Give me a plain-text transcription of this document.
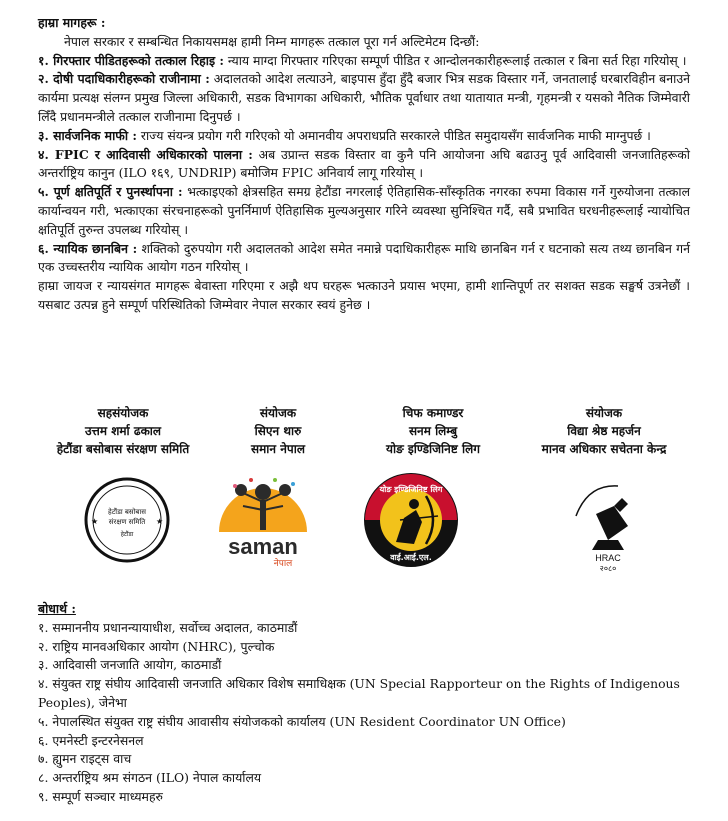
हाम्रा मागहरू :

नेपाल सरकार र सम्बन्धित निकायसमक्ष हामी निम्न मागहरू तत्काल पूरा गर्न अल्टिमेटम दिन्छौं:

१. गिरफ्तार पीडितहरूको तत्काल रिहाइ : न्याय माग्दा गिरफ्तार गरिएका सम्पूर्ण पीडित र आन्दोलनकारीहरूलाई तत्काल र बिना सर्त रिहा गरियोस् ।

२. दोषी पदाधिकारीहरूको राजीनामा : अदालतको आदेश लत्याउने, बाइपास हुँदा हुँदै बजार भित्र सडक विस्तार गर्ने, जनतालाई घरबारविहीन बनाउने कार्यमा प्रत्यक्ष संलग्न प्रमुख जिल्ला अधिकारी, सडक विभागका अधिकारी, भौतिक पूर्वाधार तथा यातायात मन्त्री, गृहमन्त्री र यसको नैतिक जिम्मेवारी लिँदै प्रधानमन्त्रीले तत्काल राजीनामा दिनुपर्छ ।

३. सार्वजनिक माफी : राज्य संयन्त्र प्रयोग गरी गरिएको यो अमानवीय अपराधप्रति सरकारले पीडित समुदायसँग सार्वजनिक माफी माग्नुपर्छ ।

४. FPIC र आदिवासी अधिकारको पालना : अब उप्रान्त सडक विस्तार वा कुनै पनि आयोजना अघि बढाउनु पूर्व आदिवासी जनजातिहरूको अन्तर्राष्ट्रिय कानुन (ILO १६९, UNDRIP) बमोजिम FPIC अनिवार्य लागू गरियोस् ।

५. पूर्ण क्षतिपूर्ति र पुनर्स्थापना : भत्काइएको क्षेत्रसहित समग्र हेटौंडा नगरलाई ऐतिहासिक-साँस्कृतिक नगरका रुपमा विकास गर्ने गुरुयोजना तत्काल कार्यान्वयन गरी, भत्काएका संरचनाहरूको पुनर्निमार्ण ऐतिहासिक मुल्यअनुसार गरिने व्यवस्था सुनिश्चित गर्दै, सबै प्रभावित घरधनीहरूलाई न्यायोचित क्षतिपूर्ति तुरुन्त उपलब्ध गरियोस् ।

६. न्यायिक छानबिन : शक्तिको दुरुपयोग गरी अदालतको आदेश समेत नमान्ने पदाधिकारीहरू माथि छानबिन गर्न र घटनाको सत्य तथ्य छानबिन गर्न एक उच्चस्तरीय न्यायिक आयोग गठन गरियोस् ।

हाम्रा जायज र न्यायसंगत मागहरू बेवास्ता गरिएमा र अझै थप घरहरू भत्काउने प्रयास भएमा, हामी शान्तिपूर्ण तर सशक्त सडक सङ्घर्ष उत्रनेछौं । यसबाट उत्पन्न हुने सम्पूर्ण परिस्थितिको जिम्मेवार नेपाल सरकार स्वयं हुनेछ ।

सहसंयोजक
उत्तम शर्मा ढकाल
हेटौंडा बसोबास संरक्षण समिति
संयोजक
सिएन थारु
समान नेपाल
चिफ कमाण्डर
सनम लिम्बु
योङ इण्डिजिनिष्ट लिग
संयोजक
विद्या श्रेष्ठ महर्जन
मानव अधिकार सचेतना केन्द्र
★	★
हेटौंडा बसोबास
संरक्षण समिति
हेटौंडा	saman
नेपाल
योङ इण्डिजिनिष्ट लिग
वाई.आई.एल.	HRAC
२०८०

बोधार्थ :

१. सम्माननीय प्रधानन्यायाधीश, सर्वोच्च अदालत, काठमाडौं
२. राष्ट्रिय मानवअधिकार आयोग (NHRC), पुल्चोक
३. आदिवासी जनजाति आयोग, काठमाडौं
४. संयुक्त राष्ट्र संघीय आदिवासी जनजाति अधिकार विशेष समाधिक्षक (UN Special Rapporteur on the Rights of Indigenous Peoples), जेनेभा
५. नेपालस्थित संयुक्त राष्ट्र संघीय आवासीय संयोजकको कार्यालय (UN Resident Coordinator UN Office)
६. एमनेस्टी इन्टरनेसनल
७. ह्युमन राइट्स वाच
८. अन्तर्राष्ट्रिय श्रम संगठन (ILO) नेपाल कार्यालय
९. सम्पूर्ण सञ्चार माध्यमहरु
